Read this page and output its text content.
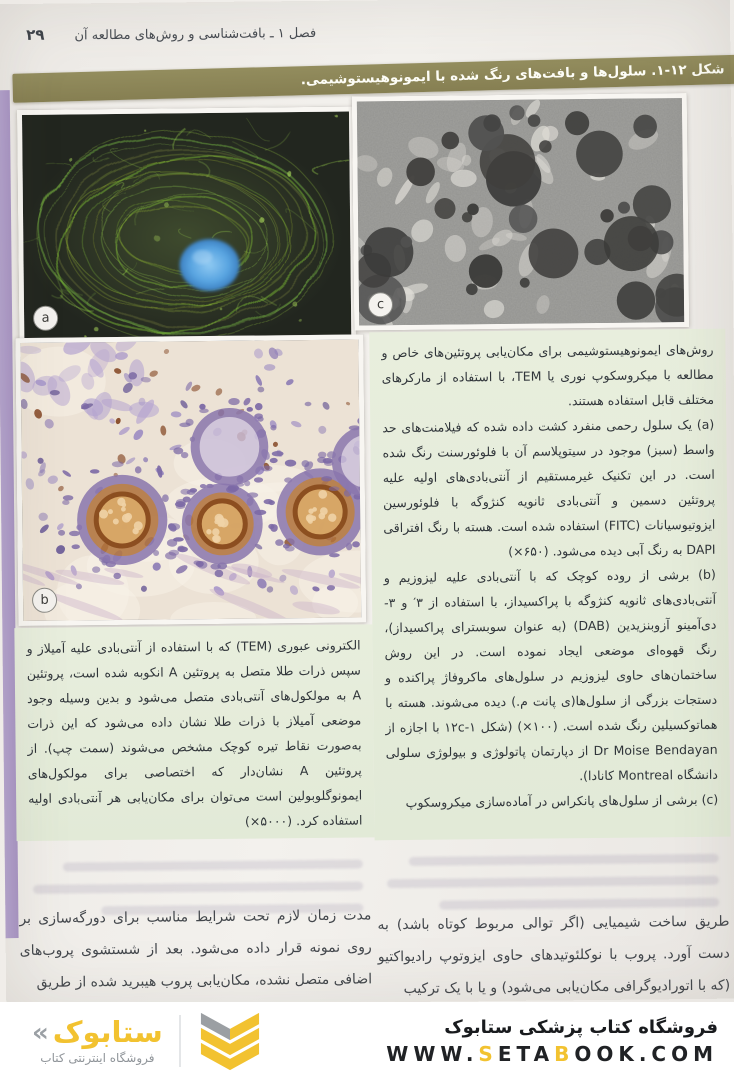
۲۹ فصل ۱ ـ بافت‌شناسی و روش‌های مطالعه آن
شکل ۱۲-۱. سلول‌ها و بافت‌های رنگ شده با ایمونوهیستوشیمی.
a
c
b

روش‌های ایمونوهیستوشیمی برای مکان‌یابی پروتئین‌های خاص و مطالعه با میکروسکوپ نوری یا TEM، با استفاده از مارکرهای مختلف قابل استفاده هستند.

(a) یک سلول رحمی منفرد کشت داده شده که فیلامنت‌های حد واسط (سبز) موجود در سیتوپلاسم آن با فلوئورسنت رنگ شده است. در این تکنیک غیرمستقیم از آنتی‌بادی‌های اولیه علیه پروتئین دسمین و آنتی‌بادی ثانویه کنژوگه با فلوئورسین ایزوتیوسیانات (FITC) استفاده شده است. هسته با رنگ افتراقی DAPI به رنگ آبی دیده می‌شود. (۶۵۰×)

(b) برشی از روده کوچک که با آنتی‌بادی علیه لیزوزیم و آنتی‌بادی‌های ثانویه کنژوگه با پراکسیداز، با استفاده از ۳′ و ۳-دی‌آمینو آزوبنزیدین (DAB) (به عنوان سوبسترای پراکسیداز)، رنگ قهوه‌ای موضعی ایجاد نموده است. در این روش ساختمان‌های حاوی لیزوزیم در سلول‌های ماکروفاژ پراکنده و دستجات بزرگی از سلول‌ها(ی پانت م.) دیده می‌شوند. هسته با هماتوکسیلین رنگ شده است. (۱۰۰×) (شکل ۱۲c-۱ با اجازه از Dr Moise Bendayan از دپارتمان پاتولوژی و بیولوژی سلولی دانشگاه Montreal کانادا).

(c) برشی از سلول‌های پانکراس در آماده‌سازی میکروسکوپ

الکترونی عبوری (TEM) که با استفاده از آنتی‌بادی علیه آمیلاز و سپس ذرات طلا متصل به پروتئین A انکوبه شده است، پروتئین A به مولکول‌های آنتی‌بادی متصل می‌شود و بدین وسیله وجود موضعی آمیلاز با ذرات طلا نشان داده می‌شود که این ذرات به‌صورت نقاط تیره کوچک مشخص می‌شوند (سمت چپ). از پروتئین A نشان‌دار که اختصاصی برای مولکول‌های ایمونوگلوبولین است می‌توان برای مکان‌یابی هر آنتی‌بادی اولیه استفاده کرد. (۵۰۰۰×)

مدت زمان لازم تحت شرایط مناسب برای دورگه‌سازی بر روی نمونه قرار داده می‌شود. بعد از شستشوی پروب‌های اضافی متصل نشده، مکان‌یابی پروب هیبرید شده از طریق
طریق ساخت شیمیایی (اگر توالی مربوط کوتاه باشد) به دست آورد. پروب با نوکلئوتیدهای حاوی ایزوتوپ رادیواکتیو (که با اتورادیوگرافی مکان‌یابی می‌شود) و یا با یک ترکیب
« ستابوک
فروشگاه اینترنتی کتاب
فروشگاه کتاب پزشکی ستابوک
WWW.SETABOOK.COM
